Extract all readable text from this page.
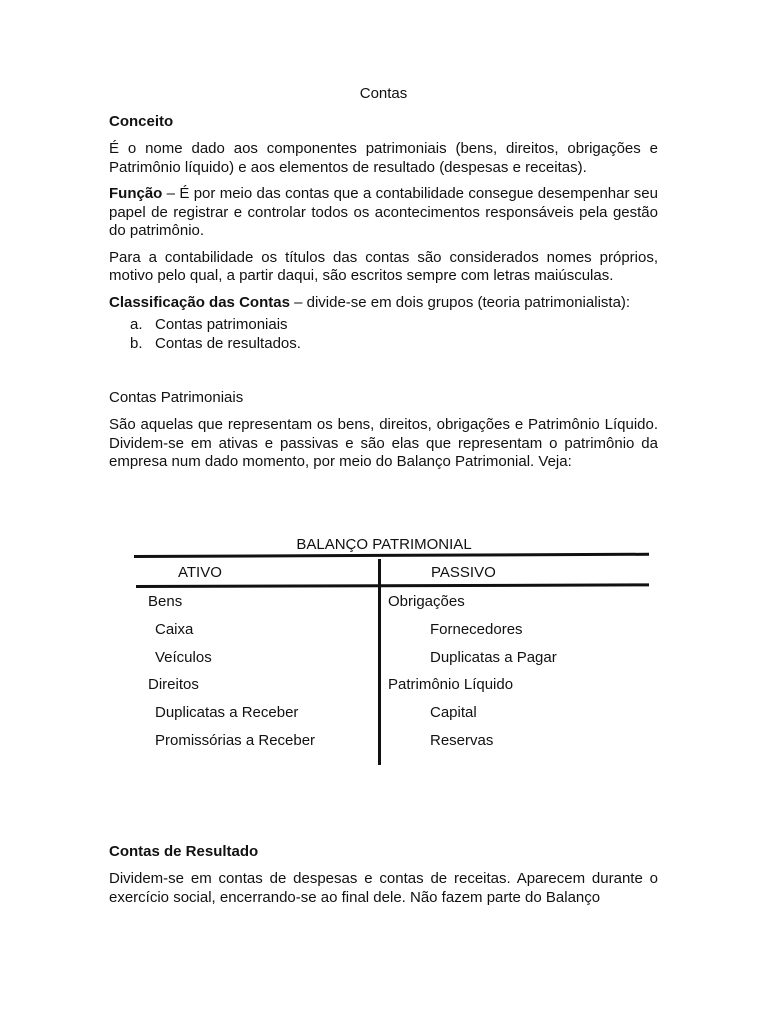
Contas
Conceito

É o nome dado aos componentes patrimoniais (bens, direitos, obrigações e Patrimônio líquido) e aos elementos de resultado (despesas e receitas).

Função – É por meio das contas que a contabilidade consegue desempenhar seu papel de registrar e controlar todos os acontecimentos responsáveis pela gestão do patrimônio.

Para a contabilidade os títulos das contas são considerados nomes próprios, motivo pelo qual, a partir daqui, são escritos sempre com letras maiúsculas.

Classificação das Contas – divide-se em dois grupos (teoria patrimonialista):

a. Contas patrimoniais
b. Contas de resultados.
Contas Patrimoniais

São aquelas que representam os bens, direitos, obrigações e Patrimônio Líquido. Dividem-se em ativas e passivas e são elas que representam o patrimônio da empresa num dado momento, por meio do Balanço Patrimonial. Veja:

BALANÇO PATRIMONIAL
ATIVO	PASSIVO
Bens
Caixa
Veículos
Direitos
Duplicatas a Receber
Promissórias a Receber
Obrigações
Fornecedores
Duplicatas a Pagar
Patrimônio Líquido
Capital
Reservas
Contas de Resultado

Dividem-se em contas de despesas e contas de receitas. Aparecem durante o exercício social, encerrando-se ao final dele. Não fazem parte do Balanço
